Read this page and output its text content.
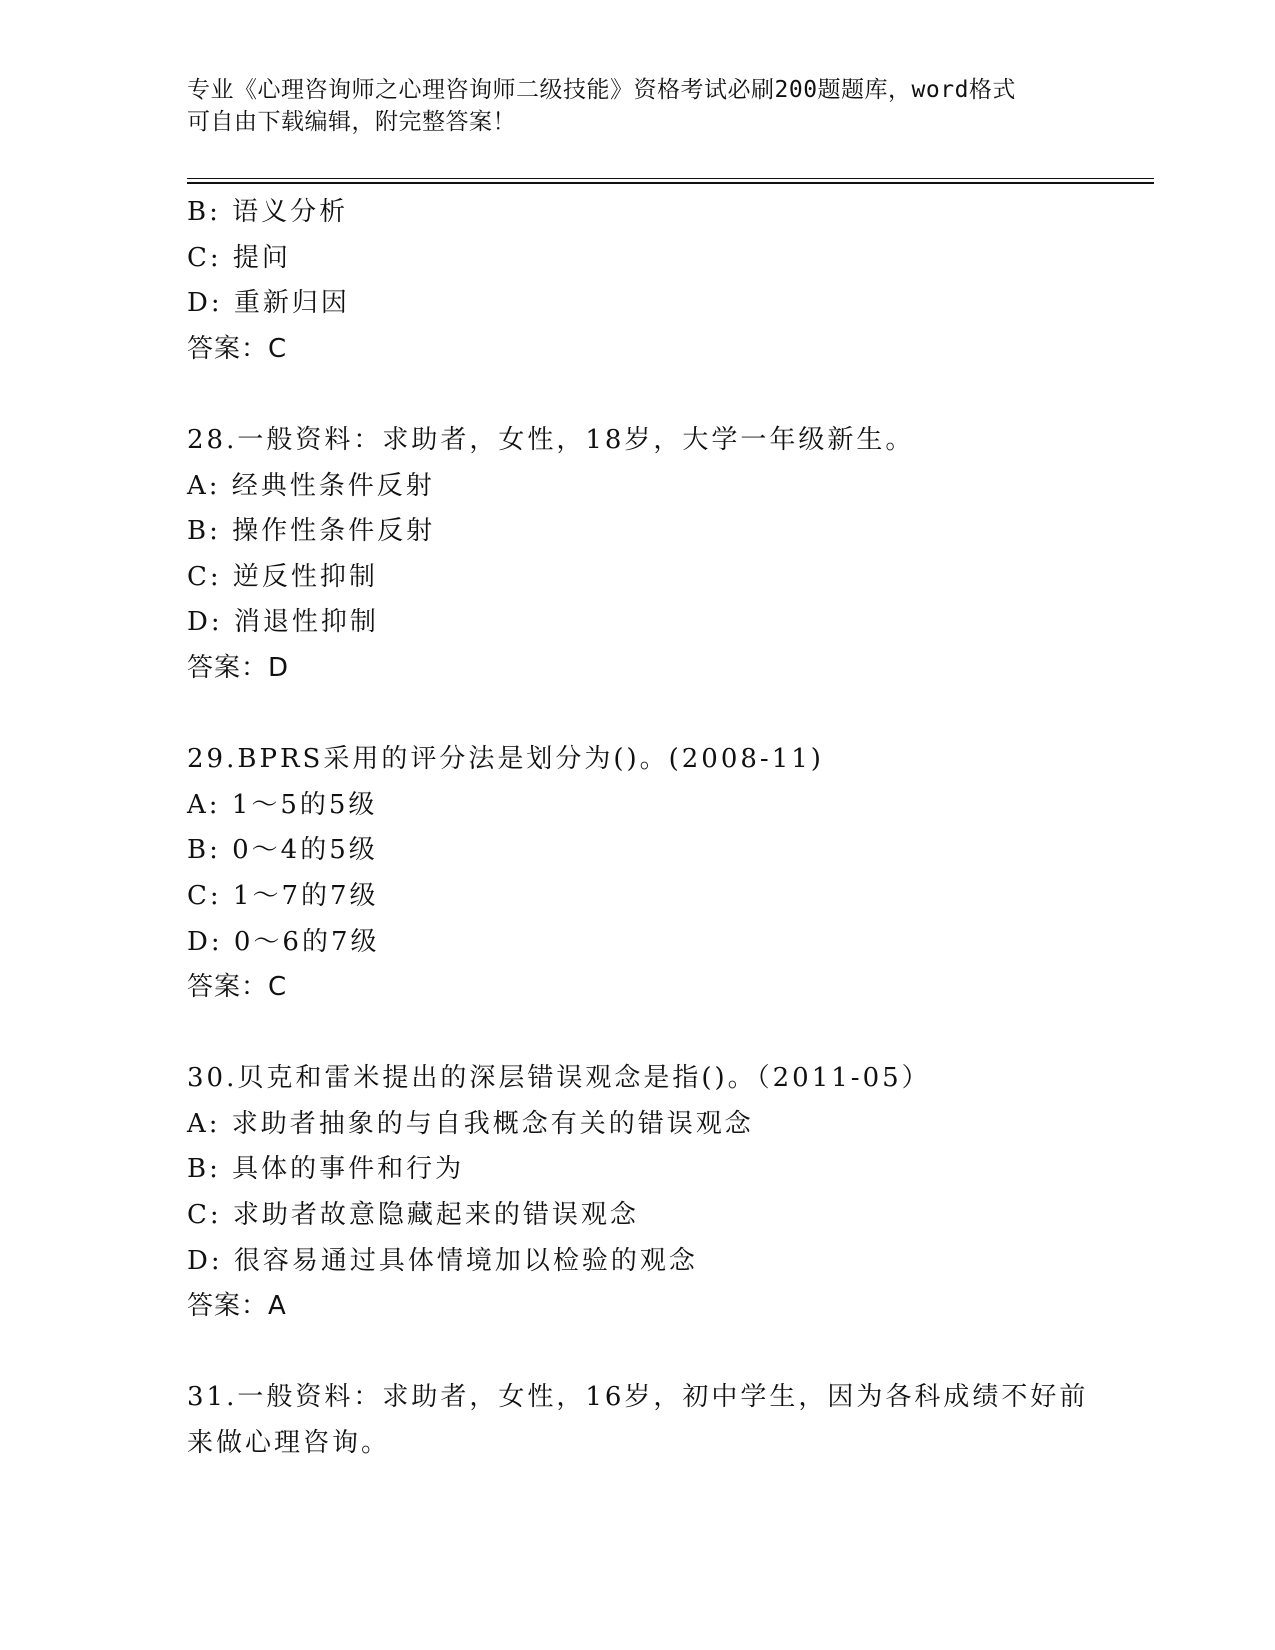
专业《心理咨询师之心理咨询师二级技能》资格考试必刷200题题库，word格式
可自由下载编辑，附完整答案！
B: 语义分析
C: 提问
D: 重新归因
答案：C
28.一般资料：求助者，女性，18岁，大学一年级新生。
A: 经典性条件反射
B: 操作性条件反射
C: 逆反性抑制
D: 消退性抑制
答案：D
29.BPRS采用的评分法是划分为()。(2008-11)
A: 1～5的5级
B: 0～4的5级
C: 1～7的7级
D: 0～6的7级
答案：C
30.贝克和雷米提出的深层错误观念是指()。（2011-05）
A: 求助者抽象的与自我概念有关的错误观念
B: 具体的事件和行为
C: 求助者故意隐藏起来的错误观念
D: 很容易通过具体情境加以检验的观念
答案：A
31.一般资料：求助者，女性，16岁，初中学生，因为各科成绩不好前
来做心理咨询。
